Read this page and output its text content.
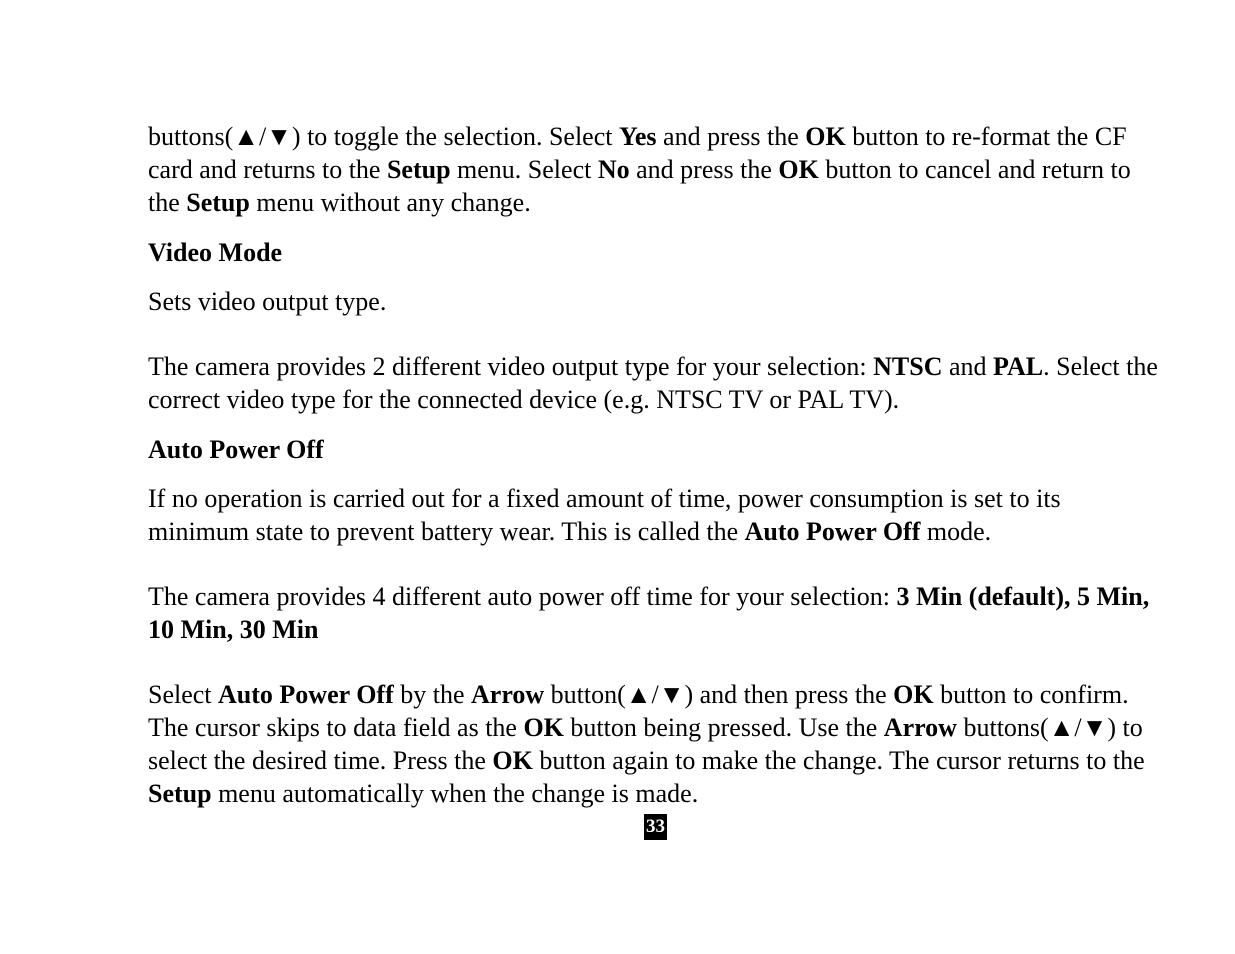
buttons(▲/▼) to toggle the selection. Select Yes and press the OK button to re-format the CF card and returns to the Setup menu. Select No and press the OK button to cancel and return to the Setup menu without any change.

Video Mode

Sets video output type.

The camera provides 2 different video output type for your selection: NTSC and PAL. Select the correct video type for the connected device (e.g. NTSC TV or PAL TV).

Auto Power Off

If no operation is carried out for a fixed amount of time, power consumption is set to its minimum state to prevent battery wear. This is called the Auto Power Off mode.

The camera provides 4 different auto power off time for your selection: 3 Min (default), 5 Min, 10 Min, 30 Min

Select Auto Power Off by the Arrow button(▲/▼) and then press the OK button to confirm. The cursor skips to data field as the OK button being pressed. Use the Arrow buttons(▲/▼) to select the desired time. Press the OK button again to make the change. The cursor returns to the Setup menu automatically when the change is made.

33
